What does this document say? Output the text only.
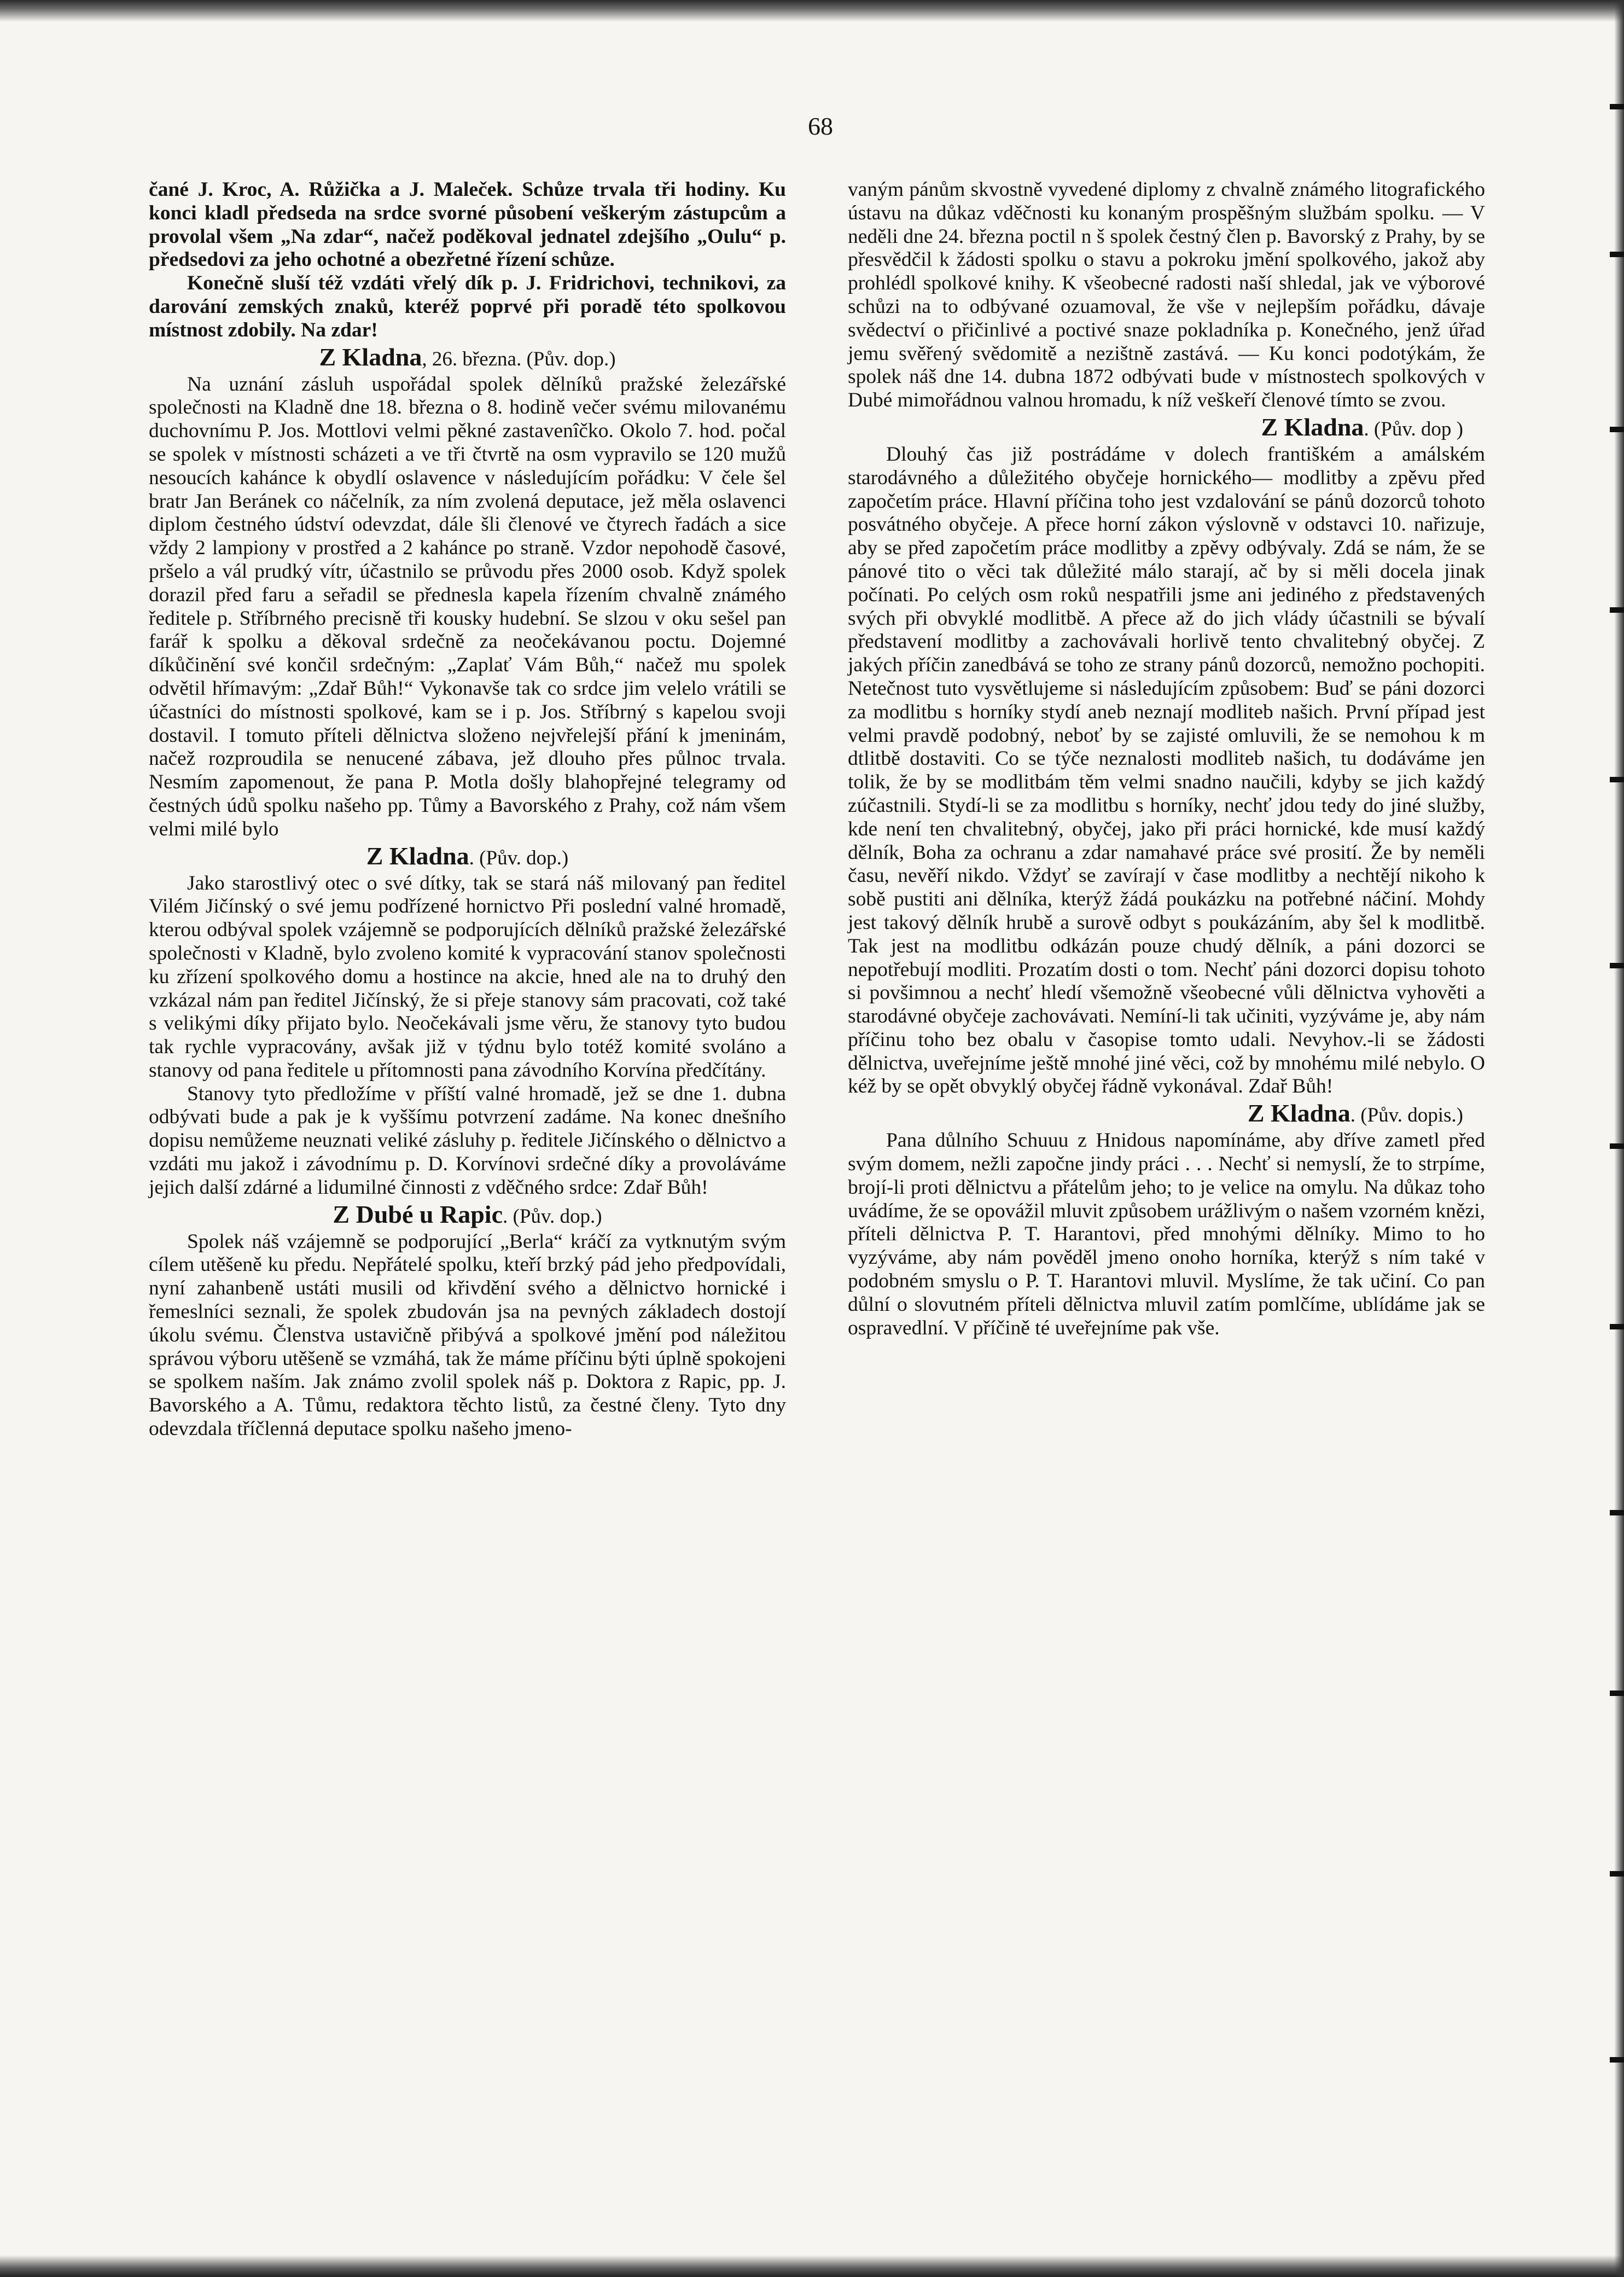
68

čané J. Kroc, A. Růžička a J. Maleček. Schůze trvala tři hodiny. Ku konci kladl předseda na srdce svorné působení veškerým zástupcům a provolal všem „Na zdar“, načež poděkoval jednatel zdejšího „Oulu“ p. předsedovi za jeho ochotné a obezřetné řízení schůze.

Konečně sluší též vzdáti vřelý dík p. J. Fridrichovi, technikovi, za darování zemských znaků, kteréž poprvé při poradě této spolkovou místnost zdobily. Na zdar!

Z Kladna, 26. března. (Pův. dop.)

Na uznání zásluh uspořádal spolek dělníků pražské železářské společnosti na Kladně dne 18. března o 8. hodině večer svému milovanému duchovnímu P. Jos. Mottlovi velmi pěkné zastavenîčko. Okolo 7. hod. počal se spolek v místnosti scházeti a ve tři čtvrtě na osm vypravilo se 120 mužů nesoucích kahánce k obydlí oslavence v následujícím pořádku: V čele šel bratr Jan Beránek co náčelník, za ním zvolená deputace, jež měla oslavenci diplom čestného údství odevzdat, dále šli členové ve čtyrech řadách a sice vždy 2 lampiony v prostřed a 2 kahánce po straně. Vzdor nepohodě časové, pršelo a vál prudký vítr, účastnilo se průvodu přes 2000 osob. Když spolek dorazil před faru a seřadil se přednesla kapela řízením chvalně známého ředitele p. Stříbrného precisně tři kousky hudební. Se slzou v oku sešel pan farář k spolku a děkoval srdečně za neočekávanou poctu. Dojemné díkůčinění své končil srdečným: „Zaplať Vám Bůh,“ načež mu spolek odvětil hřímavým: „Zdař Bůh!“ Vykonavše tak co srdce jim velelo vrátili se účastníci do místnosti spolkové, kam se i p. Jos. Stříbrný s kapelou svoji dostavil. I tomuto příteli dělnictva složeno nejvřelejší přání k jmeninám, načež rozproudila se nenucené zábava, jež dlouho přes půlnoc trvala. Nesmím zapomenout, že pana P. Motla došly blahopřejné telegramy od čestných údů spolku našeho pp. Tůmy a Bavorského z Prahy, což nám všem velmi milé bylo

Z Kladna. (Pův. dop.)

Jako starostlivý otec o své dítky, tak se stará náš milovaný pan ředitel Vilém Jičínský o své jemu podřízené hornictvo Při poslední valné hromadě, kterou odbýval spolek vzájemně se podporujících dělníků pražské železářské společnosti v Kladně, bylo zvoleno komité k vypracování stanov společnosti ku zřízení spolkového domu a hostince na akcie, hned ale na to druhý den vzkázal nám pan ředitel Jičínský, že si přeje stanovy sám pracovati, což také s velikými díky přijato bylo. Neočekávali jsme věru, že stanovy tyto budou tak rychle vypracovány, avšak již v týdnu bylo totéž komité svoláno a stanovy od pana ředitele u přítomnosti pana závodního Korvína předčítány.

Stanovy tyto předložíme v příští valné hromadě, jež se dne 1. dubna odbývati bude a pak je k vyššímu potvrzení zadáme. Na konec dnešního dopisu nemůžeme neuznati veliké zásluhy p. ředitele Jičínského o dělnictvo a vzdáti mu jakož i závodnímu p. D. Korvínovi srdečné díky a provoláváme jejich další zdárné a lidumilné činnosti z vděčného srdce: Zdař Bůh!

Z Dubé u Rapic. (Pův. dop.)

Spolek náš vzájemně se podporující „Berla“ kráčí za vytknutým svým cílem utěšeně ku předu. Nepřátelé spolku, kteří brzký pád jeho předpovídali, nyní zahanbeně ustáti musili od křivdění svého a dělnictvo hornické i řemeslníci seznali, že spolek zbudován jsa na pevných základech dostojí úkolu svému. Členstva ustavičně přibývá a spolkové jmění pod náležitou správou výboru utěšeně se vzmáhá, tak že máme příčinu býti úplně spokojeni se spolkem naším. Jak známo zvolil spolek náš p. Doktora z Rapic, pp. J. Bavorského a A. Tůmu, redaktora těchto listů, za čestné členy. Tyto dny odevzdala tříčlenná deputace spolku našeho jmeno-

vaným pánům skvostně vyvedené diplomy z chvalně známého litografického ústavu na důkaz vděčnosti ku konaným prospěšným službám spolku. — V neděli dne 24. března poctil n š spolek čestný člen p. Bavorský z Prahy, by se přesvědčil k žádosti spolku o stavu a pokroku jmění spolkového, jakož aby prohlédl spolkové knihy. K všeobecné radosti naší shledal, jak ve výborové schůzi na to odbývané ozuamoval, že vše v nejlepším pořádku, dávaje svědectví o přičinlivé a poctivé snaze pokladníka p. Konečného, jenž úřad jemu svěřený svědomitě a nezištně zastává. — Ku konci podotýkám, že spolek náš dne 14. dubna 1872 odbývati bude v místnostech spolkových v Dubé mimořádnou valnou hromadu, k níž veškeří členové tímto se zvou.

Z Kladna. (Pův. dop )

Dlouhý čas již postrádáme v dolech františkém a amálském starodávného a důležitého obyčeje hornického— modlitby a zpěvu před započetím práce. Hlavní příčina toho jest vzdalování se pánů dozorců tohoto posvátného obyčeje. A přece horní zákon výslovně v odstavci 10. nařizuje, aby se před započetím práce modlitby a zpěvy odbývaly. Zdá se nám, že se pánové tito o věci tak důležité málo starají, ač by si měli docela jinak počínati. Po celých osm roků nespatřili jsme ani jediného z představených svých při obvyklé modlitbě. A přece až do jich vlády účastnili se bývalí představení modlitby a zachovávali horlivě tento chvalitebný obyčej. Z jakých příčin zanedbává se toho ze strany pánů dozorců, nemožno pochopiti. Netečnost tuto vysvětlujeme si následujícím způsobem: Buď se páni dozorci za modlitbu s horníky stydí aneb neznají modliteb našich. První případ jest velmi pravdě podobný, neboť by se zajisté omluvili, že se nemohou k m dtlitbě dostaviti. Co se týče neznalosti modliteb našich, tu dodáváme jen tolik, že by se modlitbám těm velmi snadno naučili, kdyby se jich každý zúčastnili. Stydí-li se za modlitbu s horníky, nechť jdou tedy do jiné služby, kde není ten chvalitebný, obyčej, jako při práci hornické, kde musí každý dělník, Boha za ochranu a zdar namahavé práce své prosití. Že by neměli času, nevěří nikdo. Vždyť se zavírají v čase modlitby a nechtějí nikoho k sobě pustiti ani dělníka, kterýž žádá poukázku na potřebné náčiní. Mohdy jest takový dělník hrubě a surově odbyt s poukázáním, aby šel k modlitbě. Tak jest na modlitbu odkázán pouze chudý dělník, a páni dozorci se nepotřebují modliti. Prozatím dosti o tom. Nechť páni dozorci dopisu tohoto si povšimnou a nechť hledí všemožně všeobecné vůli dělnictva vyhověti a starodávné obyčeje zachovávati. Nemíní-li tak učiniti, vyzýváme je, aby nám příčinu toho bez obalu v časopise tomto udali. Nevyhov.-li se žádosti dělnictva, uveřejníme ještě mnohé jiné věci, což by mnohému milé nebylo. O kéž by se opět obvyklý obyčej řádně vykonával. Zdař Bůh!

Z Kladna. (Pův. dopis.)

Pana důlního Schuuu z Hnidous napomínáme, aby dříve zametl před svým domem, nežli započne jindy práci . . . Nechť si nemyslí, že to strpíme, brojí-li proti dělnictvu a přátelům jeho; to je velice na omylu. Na důkaz toho uvádíme, že se opovážil mluvit způsobem urážlivým o našem vzorném knězi, příteli dělnictva P. T. Harantovi, před mnohými dělníky. Mimo to ho vyzýváme, aby nám pověděl jmeno onoho horníka, kterýž s ním také v podobném smyslu o P. T. Harantovi mluvil. Myslíme, že tak učiní. Co pan důlní o slovutném příteli dělnictva mluvil zatím pomlčíme, ublídáme jak se ospravedlní. V příčině té uveřejníme pak vše.
